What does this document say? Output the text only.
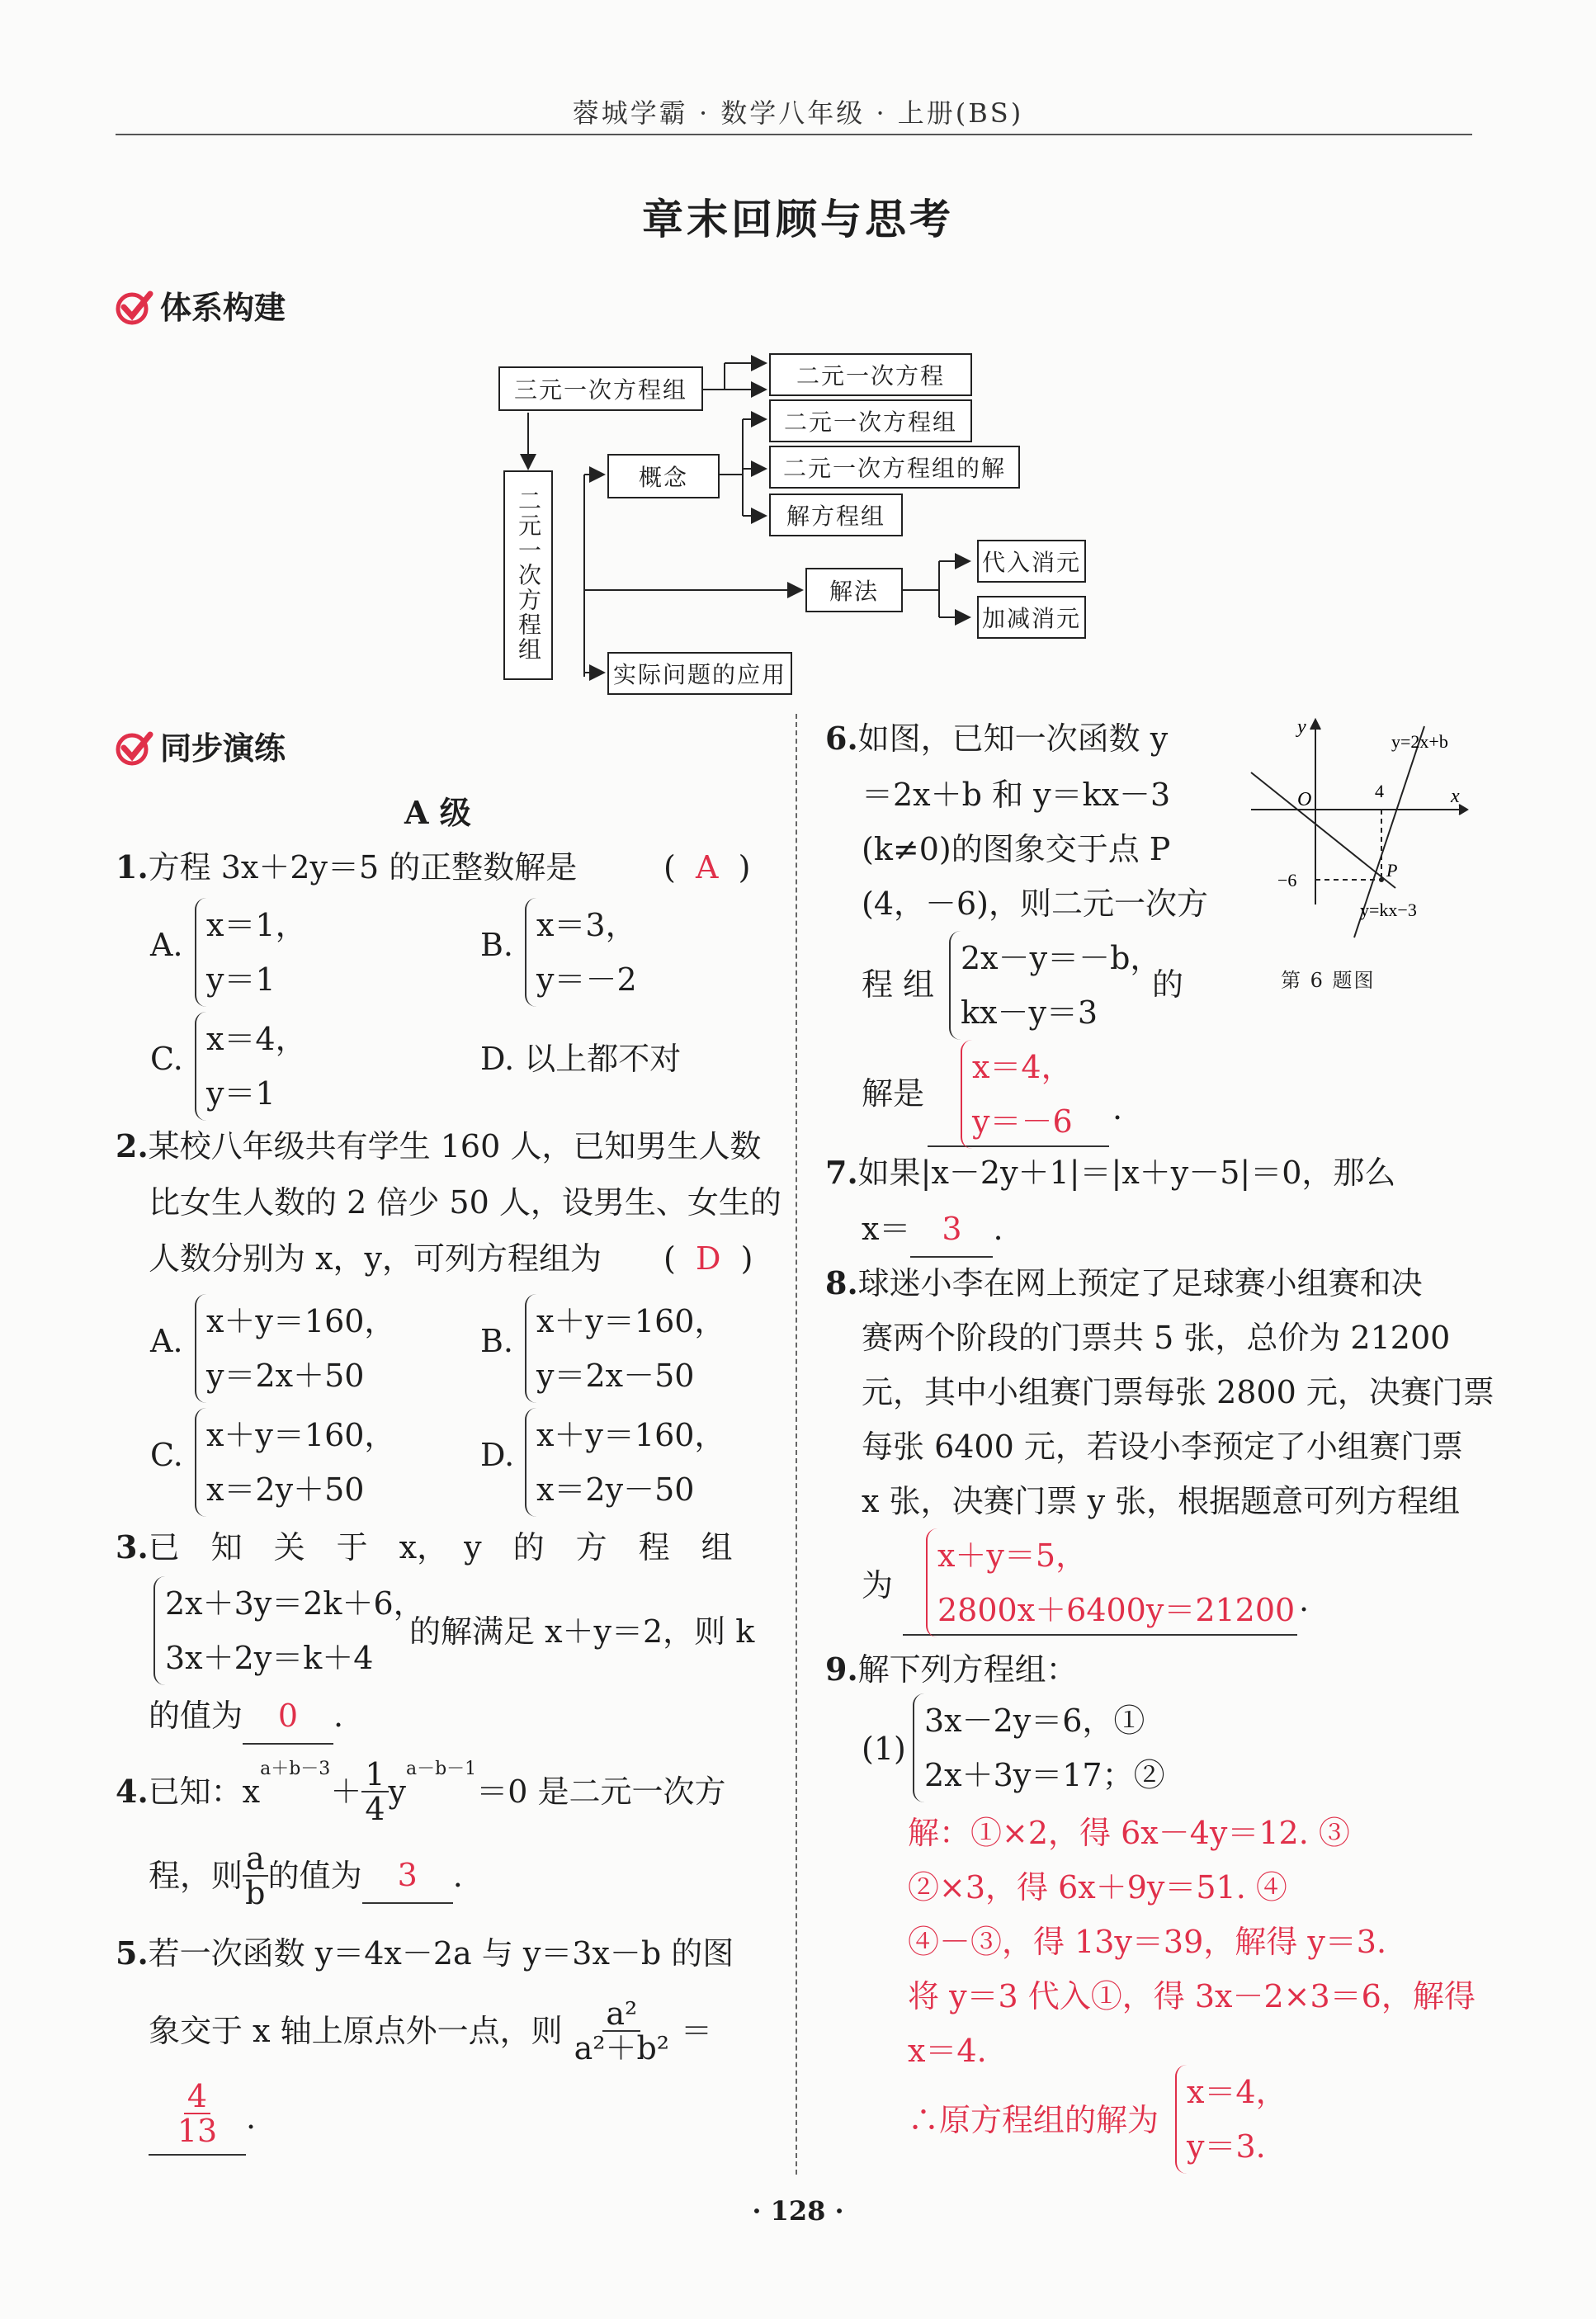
蓉城学霸 · 数学八年级 · 上册(BS)
章末回顾与思考
体系构建
三元一次方程组
二元一次方程组
概念
二元一次方程
二元一次方程组
二元一次方程组的解
解方程组
解法
代入消元
加减消元
实际问题的应用
同步演练
A 级
1.方程 3x＋2y＝5 的正整数解是	(  A  )
A.
x＝1，
y＝1
B.
x＝3，
y＝－2
C.
x＝4，
y＝1
D. 以上都不对
2.某校八年级共有学生 160 人，已知男生人数
比女生人数的 2 倍少 50 人，设男生、女生的
人数分别为 x，y，可列方程组为 (  D  )
A.
x＋y＝160，
y＝2x＋50
B.
x＋y＝160，
y＝2x－50
C.
x＋y＝160，
x＝2y＋50
D.
x＋y＝160，
x＝2y－50
3.已　知　关　于　x，　y　的　方　程　组
2x＋3y＝2k＋6，
3x＋2y＝k＋4
的解满足 x＋y＝2，则 k
的值为 0 .
4. 已知：x
$^{a+b-3}$
＋ $\frac{1}{4}$ y
$^{a-b-1}$
＝0 是二元一次方
程，则 $\frac{a}{b}$ 的值为	3	.
5.若一次函数 y＝4x－2a 与 y＝3x－b 的图
象交于 x 轴上原点外一点，则 $\frac{\text{a²}}{\text{a²＋b²}}$ ＝
$\frac{4}{13}$ .
6.如图，已知一次函数 y
＝2x＋b 和 y＝kx－3
(k≠0)的图象交于点 P
(4，－6)，则二元一次方
程 组
2x－y＝－b，
kx－y＝3
的
解是
x＝4，
y＝－6 .
y
x
O
y=2x+b
y=kx−3
4
−6	P
第 6 题图
7.如果|x－2y＋1|＝|x＋y－5|＝0，那么
x＝ 3 .
8.球迷小李在网上预定了足球赛小组赛和决
赛两个阶段的门票共 5 张，总价为 21200
元，其中小组赛门票每张 2800 元，决赛门票
每张 6400 元，若设小李预定了小组赛门票
x 张，决赛门票 y 张，根据题意可列方程组
为
x＋y＝5，
2800x＋6400y＝21200 .
9.解下列方程组：
(1)
3x－2y＝6，①
2x＋3y＝17；②
解：①×2，得 6x－4y＝12. ③
②×3，得 6x＋9y＝51. ④
④－③，得 13y＝39，解得 y＝3.
将 y＝3 代入①，得 3x－2×3＝6，解得
x＝4.
∴原方程组的解为
x＝4，
y＝3.
· 128 ·
